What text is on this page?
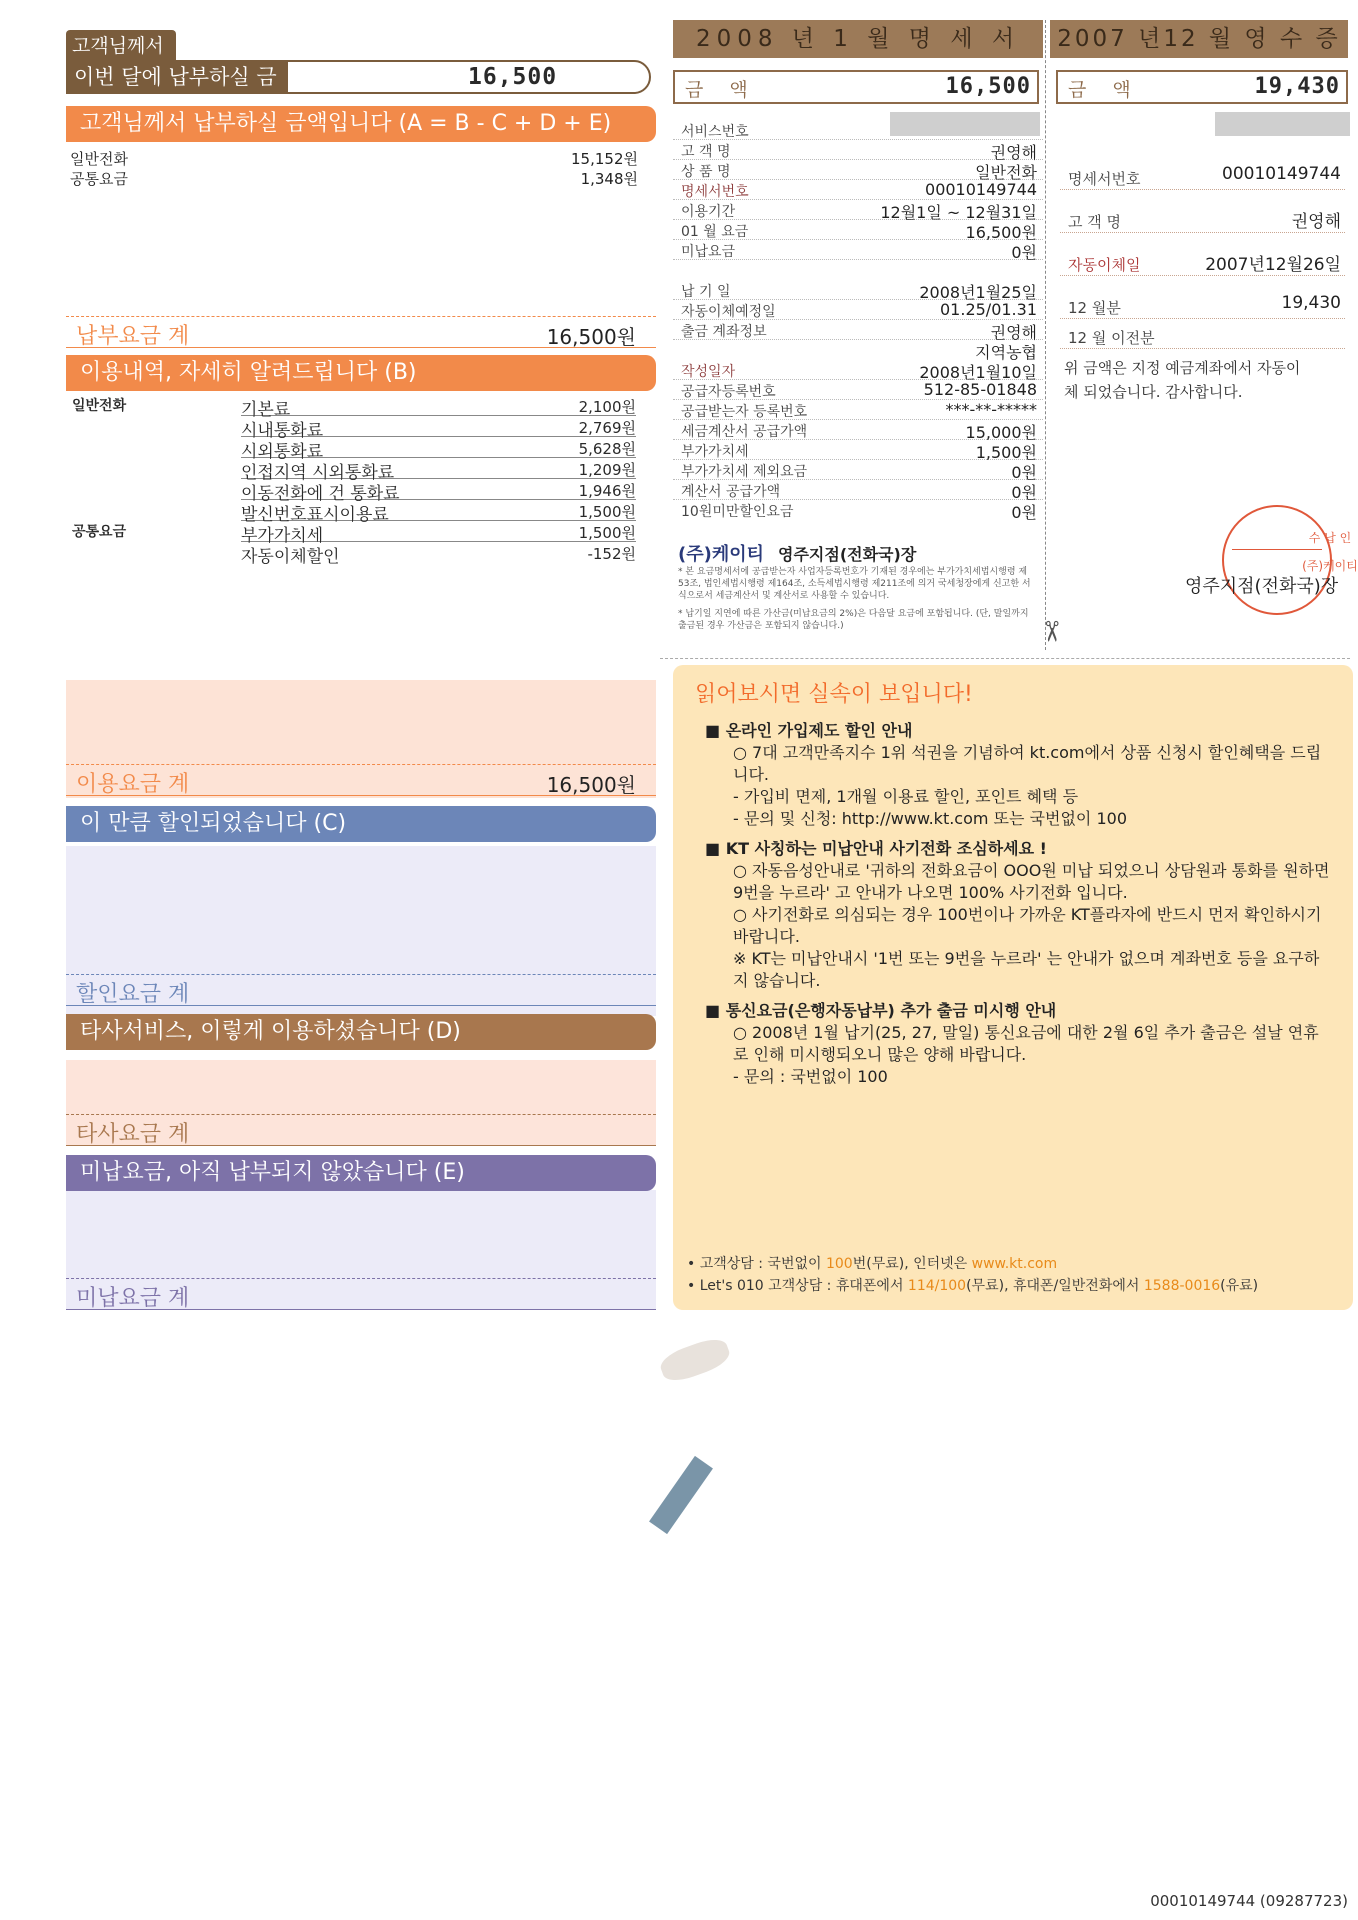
고객님께서
이번 달에 납부하실 금	16,500
고객님께서 납부하실 금액입니다 (A = B - C + D + E)
일반전화	15,152원
공통요금	1,348원
납부요금 계	16,500원
이용내역, 자세히 알려드립니다 (B)
일반전화
공통요금
기본료	2,100원
시내통화료	2,769원
시외통화료	5,628원
인접지역 시외통화료	1,209원
이동전화에 건 통화료	1,946원
발신번호표시이용료	1,500원
부가가치세	1,500원
자동이체할인	-152원
이용요금 계	16,500원
이 만큼 할인되었습니다 (C)
할인요금 계
타사서비스, 이렇게 이용하셨습니다 (D)
타사요금 계
미납요금, 아직 납부되지 않았습니다 (E)
미납요금 계
2008 년 1 월 명 세 서
금 액	16,500
서비스번호
고 객 명	권영해
상 품 명	일반전화
명세서번호	00010149744
이용기간	12월1일 ~ 12월31일
01 월 요금	16,500원
미납요금	0원
납 기 일	2008년1월25일
자동이체예정일	01.25/01.31
출금 계좌정보	권영해
지역농협
작성일자	2008년1월10일
공급자등록번호	512-85-01848
공급받는자 등록번호	***-**-*****
세금계산서 공급가액	15,000원
부가가치세	1,500원
부가가치세 제외요금	0원
계산서 공급가액	0원
10원미만할인요금	0원
(주)케이티 영주지점(전화국)장
* 본 요금명세서에 공급받는자 사업자등록번호가 기재된 경우에는 부가가치세법시행령 제53조, 법인세법시행령 제164조, 소득세법시행령 제211조에 의거 국세청장에게 신고한 서식으로서 세금계산서 및 계산서로 사용할 수 있습니다.
* 납기일 지연에 따른 가산금(미납요금의 2%)은 다음달 요금에 포함됩니다. (단, 말일까지 출금된 경우 가산금은 포함되지 않습니다.)	✂
2007 년12 월 영 수 증
금 액	19,430
명세서번호	00010149744
고 객 명	권영해
자동이체일	2007년12월26일
12 월분	19,430
12 월 이전분
위 금액은 지정 예금계좌에서 자동이체 되었습니다. 감사합니다.
수 납 인
(주)케이티
영주지점(전화국)장
읽어보시면 실속이 보입니다!
■ 온라인 가입제도 할인 안내
○ 7대 고객만족지수 1위 석권을 기념하여 kt.com에서 상품 신청시 할인혜택을 드립니다.
- 가입비 면제, 1개월 이용료 할인, 포인트 혜택 등
- 문의 및 신청: http://www.kt.com 또는 국번없이 100
■ KT 사칭하는 미납안내 사기전화 조심하세요 !
○ 자동음성안내로 '귀하의 전화요금이 OOO원 미납 되었으니 상담원과 통화를 원하면 9번을 누르라' 고 안내가 나오면 100% 사기전화 입니다.
○ 사기전화로 의심되는 경우 100번이나 가까운 KT플라자에 반드시 먼저 확인하시기 바랍니다.
※ KT는 미납안내시 '1번 또는 9번을 누르라' 는 안내가 없으며 계좌번호 등을 요구하지 않습니다.
■ 통신요금(은행자동납부) 추가 출금 미시행 안내
○ 2008년 1월 납기(25, 27, 말일) 통신요금에 대한 2월 6일 추가 출금은 설날 연휴로 인해 미시행되오니 많은 양해 바랍니다.
- 문의 : 국번없이 100
• 고객상담 : 국번없이 100번(무료), 인터넷은 www.kt.com
• Let's 010 고객상담 : 휴대폰에서 114/100(무료), 휴대폰/일반전화에서 1588-0016(유료)
00010149744 (09287723)
